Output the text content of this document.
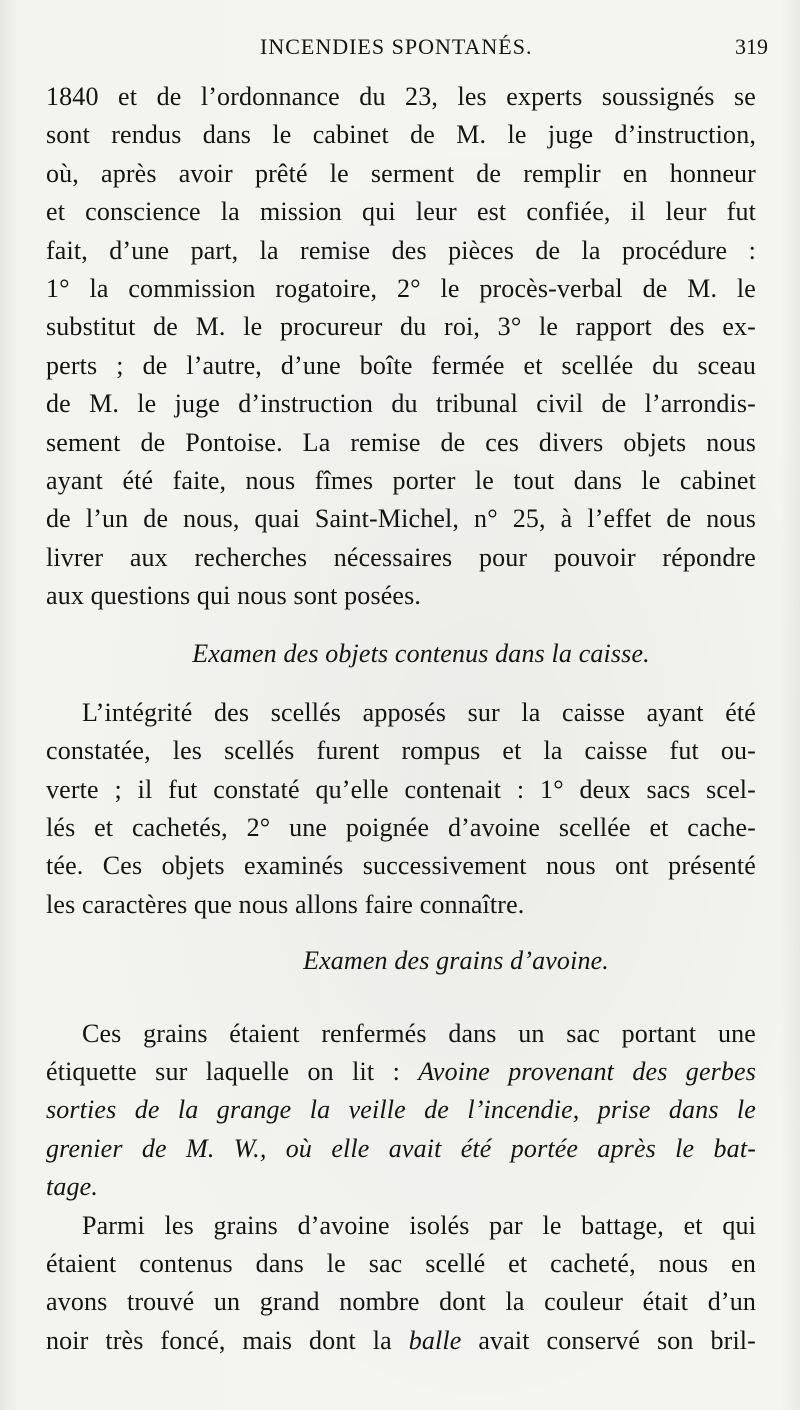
INCENDIES SPONTANÉS.	319
1840 et de l’ordonnance du 23, les experts soussignés se
sont rendus dans le cabinet de M. le juge d’instruction,
où, après avoir prêté le serment de remplir en honneur
et conscience la mission qui leur est confiée, il leur fut
fait, d’une part, la remise des pièces de la procédure :
1° la commission rogatoire, 2° le procès-verbal de M. le
substitut de M. le procureur du roi, 3° le rapport des ex-
perts ; de l’autre, d’une boîte fermée et scellée du sceau
de M. le juge d’instruction du tribunal civil de l’arrondis-
sement de Pontoise. La remise de ces divers objets nous
ayant été faite, nous fîmes porter le tout dans le cabinet
de l’un de nous, quai Saint-Michel, n° 25, à l’effet de nous
livrer aux recherches nécessaires pour pouvoir répondre
aux questions qui nous sont posées.
Examen des objets contenus dans la caisse.
L’intégrité des scellés apposés sur la caisse ayant été
constatée, les scellés furent rompus et la caisse fut ou-
verte ; il fut constaté qu’elle contenait : 1° deux sacs scel-
lés et cachetés, 2° une poignée d’avoine scellée et cache-
tée. Ces objets examinés successivement nous ont présenté
les caractères que nous allons faire connaître.
Examen des grains d’avoine.
Ces grains étaient renfermés dans un sac portant une
étiquette sur laquelle on lit : Avoine provenant des gerbes
sorties de la grange la veille de l’incendie, prise dans le
grenier de M. W., où elle avait été portée après le bat-
tage.
Parmi les grains d’avoine isolés par le battage, et qui
étaient contenus dans le sac scellé et cacheté, nous en
avons trouvé un grand nombre dont la couleur était d’un
noir très foncé, mais dont la balle avait conservé son bril-
